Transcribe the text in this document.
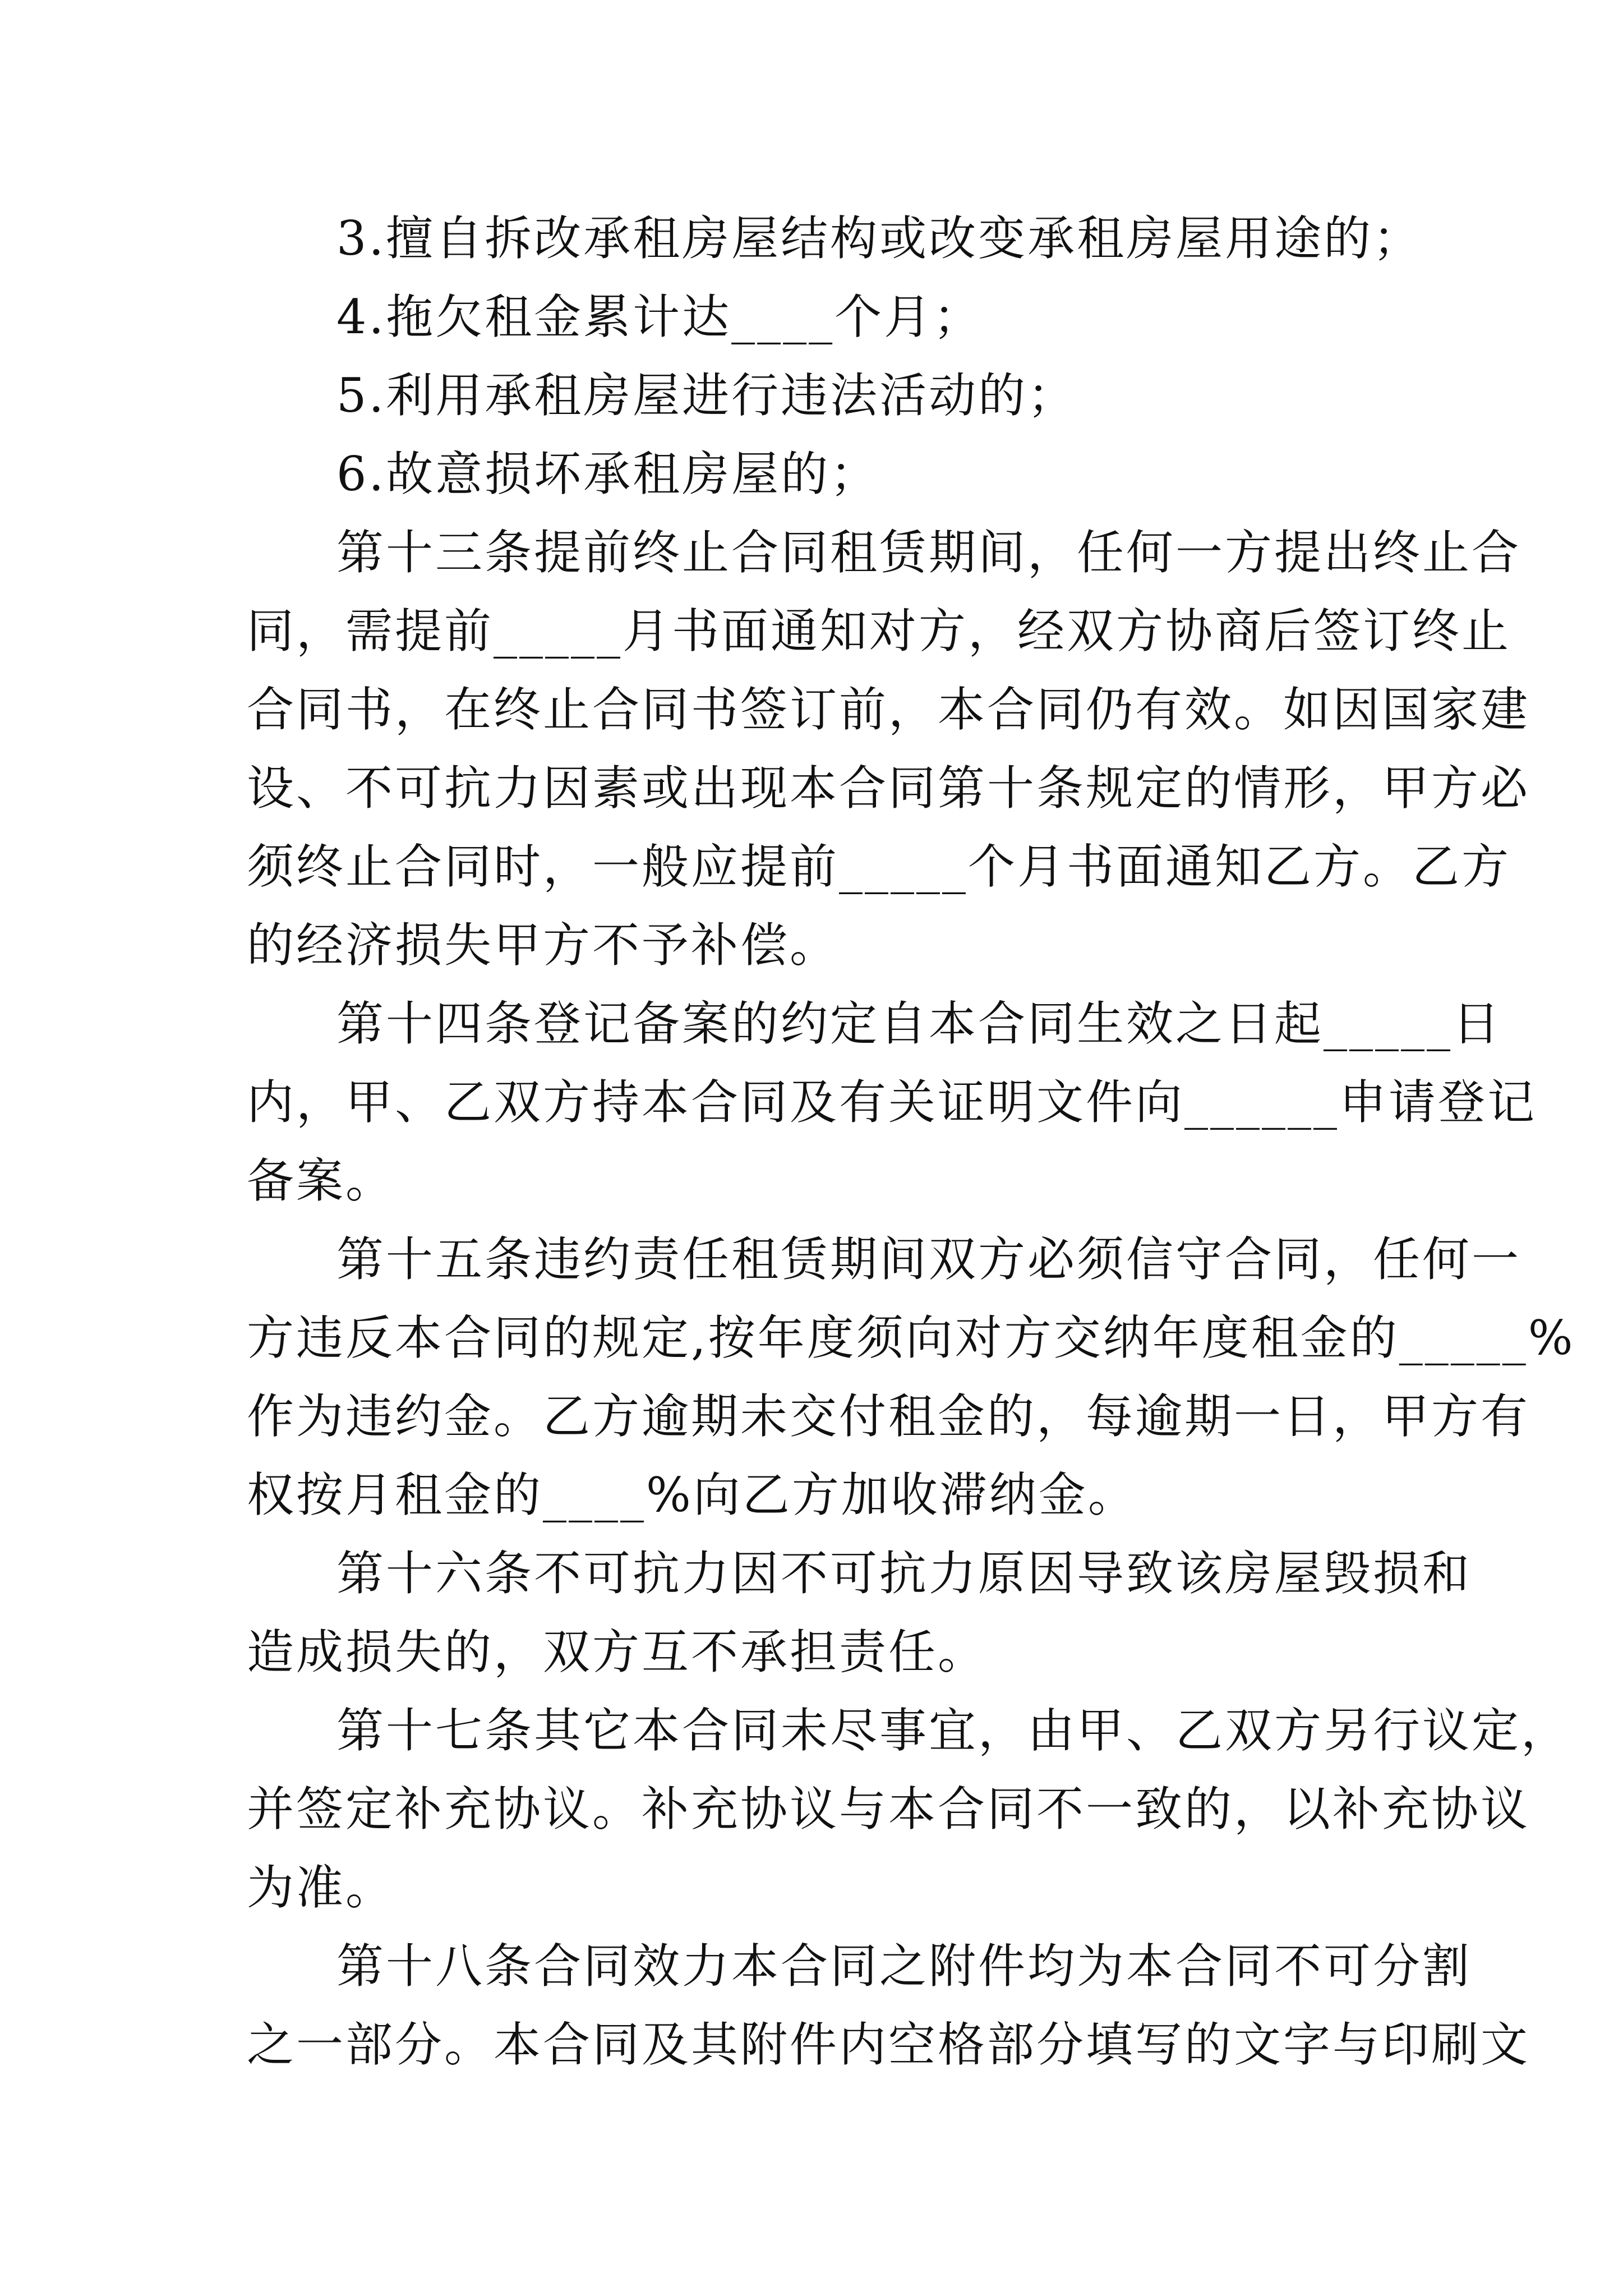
3.擅自拆改承租房屋结构或改变承租房屋用途的；
4.拖欠租金累计达____个月；
5.利用承租房屋进行违法活动的；
6.故意损坏承租房屋的；
第十三条提前终止合同租赁期间，任何一方提出终止合
同，需提前_____月书面通知对方，经双方协商后签订终止
合同书，在终止合同书签订前，本合同仍有效。如因国家建
设、不可抗力因素或出现本合同第十条规定的情形，甲方必
须终止合同时，一般应提前_____个月书面通知乙方。乙方
的经济损失甲方不予补偿。
第十四条登记备案的约定自本合同生效之日起_____日
内，甲、乙双方持本合同及有关证明文件向______申请登记
备案。
第十五条违约责任租赁期间双方必须信守合同，任何一
方违反本合同的规定,按年度须向对方交纳年度租金的_____%
作为违约金。乙方逾期未交付租金的，每逾期一日，甲方有
权按月租金的____%向乙方加收滞纳金。
第十六条不可抗力因不可抗力原因导致该房屋毁损和
造成损失的，双方互不承担责任。
第十七条其它本合同未尽事宜，由甲、乙双方另行议定，
并签定补充协议。补充协议与本合同不一致的，以补充协议
为准。
第十八条合同效力本合同之附件均为本合同不可分割
之一部分。本合同及其附件内空格部分填写的文字与印刷文
